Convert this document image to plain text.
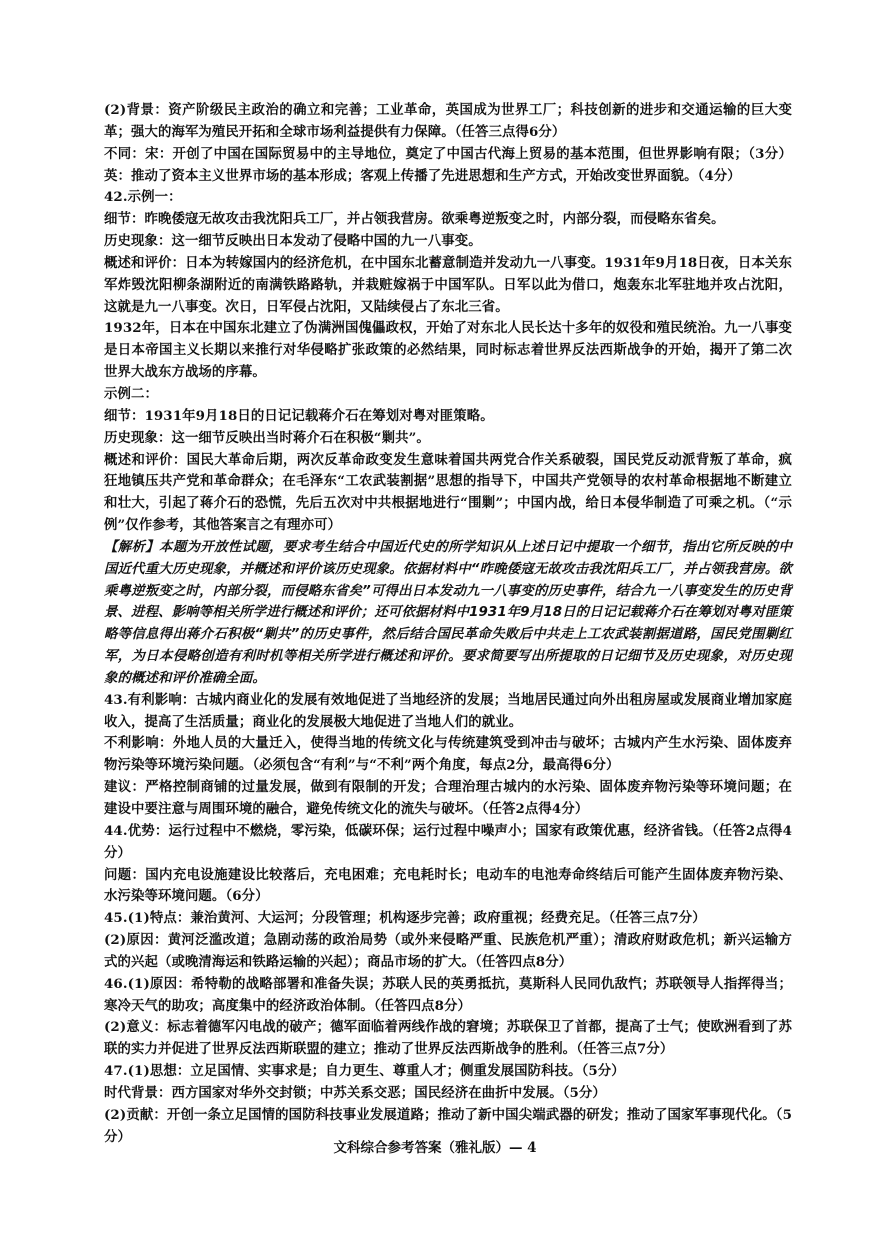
(2)背景：资产阶级民主政治的确立和完善；工业革命，英国成为世界工厂；科技创新的进步和交通运输的巨大变革；强大的海军为殖民开拓和全球市场利益提供有力保障。（任答三点得6分）

不同：宋：开创了中国在国际贸易中的主导地位，奠定了中国古代海上贸易的基本范围，但世界影响有限；（3分）英：推动了资本主义世界市场的基本形成；客观上传播了先进思想和生产方式，开始改变世界面貌。（4分）

42.示例一：

细节：昨晚倭寇无故攻击我沈阳兵工厂，并占领我营房。欲乘粤逆叛变之时，内部分裂，而侵略东省矣。

历史现象：这一细节反映出日本发动了侵略中国的九一八事变。

概述和评价：日本为转嫁国内的经济危机，在中国东北蓄意制造并发动九一八事变。1931年9月18日夜，日本关东军炸毁沈阳柳条湖附近的南满铁路路轨，并栽赃嫁祸于中国军队。日军以此为借口，炮轰东北军驻地并攻占沈阳，这就是九一八事变。次日，日军侵占沈阳，又陆续侵占了东北三省。

1932年，日本在中国东北建立了伪满洲国傀儡政权，开始了对东北人民长达十多年的奴役和殖民统治。九一八事变是日本帝国主义长期以来推行对华侵略扩张政策的必然结果，同时标志着世界反法西斯战争的开始，揭开了第二次世界大战东方战场的序幕。

示例二：

细节：1931年9月18日的日记记载蒋介石在筹划对粤对匪策略。

历史现象：这一细节反映出当时蒋介石在积极“剿共”。

概述和评价：国民大革命后期，两次反革命政变发生意味着国共两党合作关系破裂，国民党反动派背叛了革命，疯狂地镇压共产党和革命群众；在毛泽东“工农武装割据”思想的指导下，中国共产党领导的农村革命根据地不断建立和壮大，引起了蒋介石的恐慌，先后五次对中共根据地进行“围剿”；中国内战，给日本侵华制造了可乘之机。（“示例”仅作参考，其他答案言之有理亦可）

【解析】本题为开放性试题，要求考生结合中国近代史的所学知识从上述日记中提取一个细节，指出它所反映的中国近代重大历史现象，并概述和评价该历史现象。依据材料中“昨晚倭寇无故攻击我沈阳兵工厂，并占领我营房。欲乘粤逆叛变之时，内部分裂，而侵略东省矣”可得出日本发动九一八事变的历史事件，结合九一八事变发生的历史背景、进程、影响等相关所学进行概述和评价；还可依据材料中1931年9月18日的日记记载蒋介石在筹划对粤对匪策略等信息得出蒋介石积极“剿共”的历史事件，然后结合国民革命失败后中共走上工农武装割据道路，国民党围剿红军，为日本侵略创造有利时机等相关所学进行概述和评价。要求简要写出所提取的日记细节及历史现象，对历史现象的概述和评价准确全面。

43.有利影响：古城内商业化的发展有效地促进了当地经济的发展；当地居民通过向外出租房屋或发展商业增加家庭收入，提高了生活质量；商业化的发展极大地促进了当地人们的就业。

不利影响：外地人员的大量迁入，使得当地的传统文化与传统建筑受到冲击与破坏；古城内产生水污染、固体废弃物污染等环境污染问题。（必须包含“有利”与“不利”两个角度，每点2分，最高得6分）

建议：严格控制商铺的过量发展，做到有限制的开发；合理治理古城内的水污染、固体废弃物污染等环境问题；在建设中要注意与周围环境的融合，避免传统文化的流失与破坏。（任答2点得4分）

44.优势：运行过程中不燃烧，零污染，低碳环保；运行过程中噪声小；国家有政策优惠，经济省钱。（任答2点得4分）

问题：国内充电设施建设比较落后，充电困难；充电耗时长；电动车的电池寿命终结后可能产生固体废弃物污染、水污染等环境问题。（6分）

45.(1)特点：兼治黄河、大运河；分段管理；机构逐步完善；政府重视；经费充足。（任答三点7分）

(2)原因：黄河泛滥改道；急剧动荡的政治局势（或外来侵略严重、民族危机严重）；清政府财政危机；新兴运输方式的兴起（或晚清海运和铁路运输的兴起）；商品市场的扩大。（任答四点8分）

46.(1)原因：希特勒的战略部署和准备失误；苏联人民的英勇抵抗，莫斯科人民同仇敌忾；苏联领导人指挥得当；寒冷天气的助攻；高度集中的经济政治体制。（任答四点8分）

(2)意义：标志着德军闪电战的破产；德军面临着两线作战的窘境；苏联保卫了首都，提高了士气；使欧洲看到了苏联的实力并促进了世界反法西斯联盟的建立；推动了世界反法西斯战争的胜利。（任答三点7分）

47.(1)思想：立足国情、实事求是；自力更生、尊重人才；侧重发展国防科技。（5分）

时代背景：西方国家对华外交封锁；中苏关系交恶；国民经济在曲折中发展。（5分）

(2)贡献：开创一条立足国情的国防科技事业发展道路；推动了新中国尖端武器的研发；推动了国家军事现代化。（5分）

文科综合参考答案（雅礼版）— 4
